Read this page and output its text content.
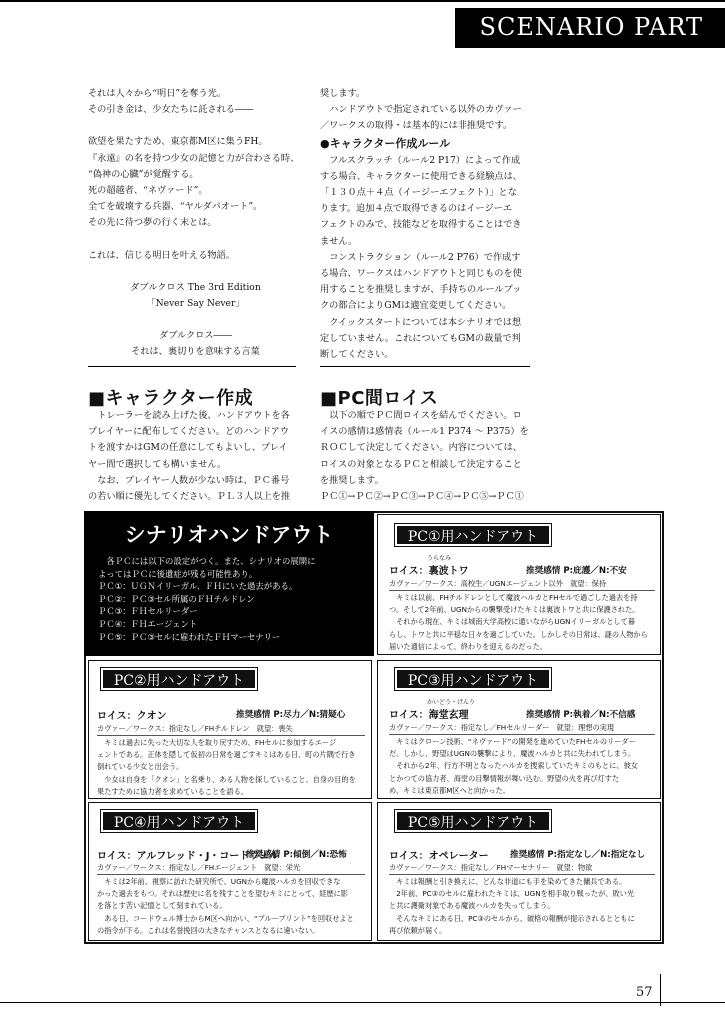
SCENARIO PART

それは人々から“明日”を奪う光。

その引き金は、少女たちに託される――

欲望を果たすため、東京都M区に集うFH。

『永遠』の名を持つ少女の記憶と力が合わさる時、

“偽神の心臓”が覚醒する。

死の超越者、“ネヴァード”。

全てを破壊する兵器、“ヤルダバオート”。

その先に待つ夢の行く末とは。

これは、信じる明日を叶える物語。

ダブルクロス The 3rd Edition

「Never Say Never」

ダブルクロス――

それは、裏切りを意味する言葉

奨します。

ハンドアウトで指定されている以外のカヴァー

／ワークスの取得・は基本的には非推奨です。

●キャラクター作成ルール

フルスクラッチ（ルール2 P17）によって作成

する場合、キャラクターに使用できる経験点は、

「１３０点＋４点（イージーエフェクト）」とな

ります。追加４点で取得できるのはイージーエ

フェクトのみで、技能などを取得することはでき

ません。

コンストラクション（ルール2 P76）で作成す

る場合、ワークスはハンドアウトと同じものを使

用することを推奨しますが、手持ちのルールブッ

クの都合によりGMは適宜変更してください。

クイックスタートについては本シナリオでは想

定していません。これについてもGMの裁量で判

断してください。

■キャラクター作成

トレーラーを読み上げた後、ハンドアウトを各

プレイヤーに配布してください。どのハンドアウ

トを渡すかはGMの任意にしてもよいし、プレイ

ヤー間で選択しても構いません。

なお、プレイヤー人数が少ない時は、ＰＣ番号

の若い順に優先してください。ＰＬ３人以上を推

■PC間ロイス

以下の順でＰＣ間ロイスを結んでください。ロ

イスの感情は感情表（ルール1 P374 ～ P375）を

ＲＯＣして決定してください。内容については、

ロイスの対象となるＰＣと相談して決定すること

を推奨します。

ＰＣ①→ＰＣ②→ＰＣ③→ＰＣ④→ＰＣ⑤→ＰＣ①

シナリオハンドアウト

各ＰＣには以下の設定がつく。また、シナリオの展開に

よってはＰＣに後遺症が残る可能性あり。

ＰＣ①：ＵＧＮイリーガル、ＦＨにいた過去がある。

ＰＣ②：ＰＣ③セル所属のＦＨチルドレン

ＰＣ③：ＦＨセルリーダー

ＰＣ④：ＦＨエージェント

ＰＣ⑤：ＰＣ③セルに雇われたＦＨマーセナリー

PC①用ハンドアウト
うらなみ
ロイス：裏波トワ	推奨感情 P:庇護／N:不安
カヴァー／ワークス：高校生／UGNエージェント以外　就望：保持

キミは以前、FHチルドレンとして魔波ハルカとFHセルで過ごした過去を持

つ。そして2年前、UGNからの襲撃受けたキミは裏波トワと共に保護された。

それから現在、キミは城南大学高校に通いながらUGNイリーガルとして暮

らし、トワと共に平穏な日々を過ごしていた。しかしその日常は、謎の人物から

届いた通信によって、終わりを迎えるのだった。

PC②用ハンドアウト
ロイス：クオン	推奨感情 P:尽力／N:猜疑心
カヴァー／ワークス：指定なし／FHチルドレン　就望：喪失

キミは過去に失った大切な人を取り戻すため、FHセルに参加するエージ

ェントである。正体を隠して仮初の日常を過ごすキミはある日、町の片隅で行き

倒れている少女と出会う。

少女は自身を「クオン」と名乗り、ある人物を探していること、自身の目的を

果たすために協力者を求めていることを語る。

PC③用ハンドアウト
かいどう・げんり
ロイス：海堂玄理	推奨感情 P:執着／N:不信感
カヴァー／ワークス：指定なし／FHセルリーダー　就望：理想の実現

キミはクローン技術、“ネヴァード”の開発を進めていたFHセルのリーダー

だ。しかし、野望はUGNの襲撃により、魔波ハルカと共に失われてしまう。

それから2年、行方不明となったハルカを捜索していたキミのもとに、彼女

とかつての協力者、海堂の目撃情報が舞い込む。野望の火を再び灯すた

め、キミは東京都M区へと向かった。

PC④用ハンドアウト
ロイス：アルフレッド・J・コードウェル
推奨感情 P:傾倒／N:恐怖
カヴァー／ワークス：指定なし／FHエージェント　就望：栄光

キミは2年前、視察に訪れた研究所で、UGNから魔波ハルカを回収できな

かった過去をもつ。それは歴史に名を残すことを望むキミにとって、経歴に影

を落とす苦い記憶として刻まれている。

ある日、コードウェル博士からM区へ向かい、“ブループリント”を回収せよと

の指令が下る。これは名誉挽回の大きなチャンスとなるに違いない。

PC⑤用ハンドアウト
ロイス：オペレーター 推奨感情 P:指定なし／N:指定なし
カヴァー／ワークス：指定なし／FHマーセナリー　就望：物欲

キミは報酬と引き換えに、どんな非道にも手を染めてきた傭兵である。

2年前、PC③のセルに雇われたキミは、UGNを相手取り戦ったが、敗い光

と共に護衛対象である魔波ハルカを失ってしまう。

そんなキミにある日、PC③のセルから、破格の報酬が提示されるとともに

再び依頼が届く。

57
